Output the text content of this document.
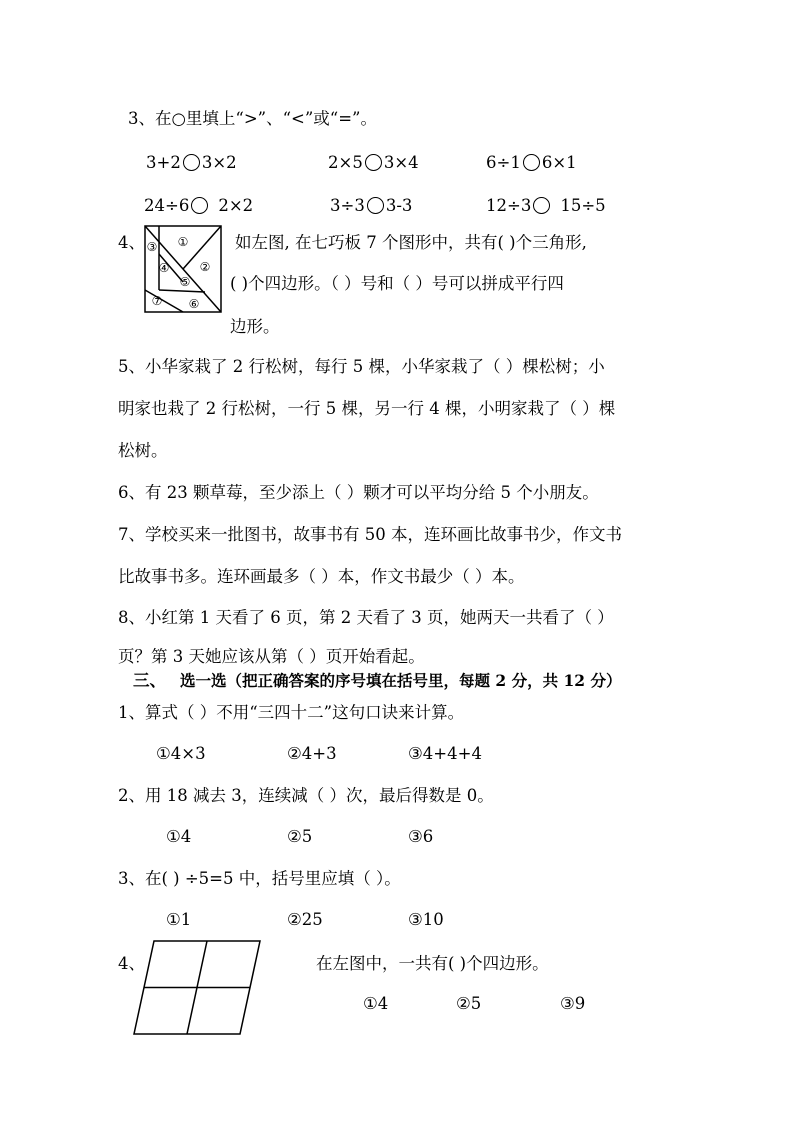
3、在○里填上“>”、“<”或“=”。
3+2 3×2	2×5 3×4	6÷1 6×1
24÷6 2×2	3÷3 3-3	12÷3 15÷5
4、 ③ ①
④	②
⑤
⑦ ⑥
如左图, 在七巧板 7 个图形中，共有( )个三角形,
( )个四边形。（ ）号和（ ）号可以拼成平行四
边形。
5、小华家栽了 2 行松树，每行 5 棵，小华家栽了（ ）棵松树；小
明家也栽了 2 行松树，一行 5 棵，另一行 4 棵，小明家栽了（ ）棵
松树。
6、有 23 颗草莓，至少添上（ ）颗才可以平均分给 5 个小朋友。
7、学校买来一批图书，故事书有 50 本，连环画比故事书少，作文书
比故事书多。连环画最多（ ）本，作文书最少（ ）本。
8、小红第 1 天看了 6 页，第 2 天看了 3 页，她两天一共看了（ ）
页？第 3 天她应该从第（ ）页开始看起。
三、 选一选（把正确答案的序号填在括号里，每题 2 分，共 12 分）
1、算式（ ）不用“三四十二”这句口诀来计算。
①4×3	②4+3	③4+4+4
2、用 18 减去 3，连续减（ ）次，最后得数是 0。
①4	②5	③6
3、在( ) ÷5=5 中，括号里应填（ ）。
①1	②25	③10
4、	在左图中，一共有( )个四边形。
①4	②5	③9
